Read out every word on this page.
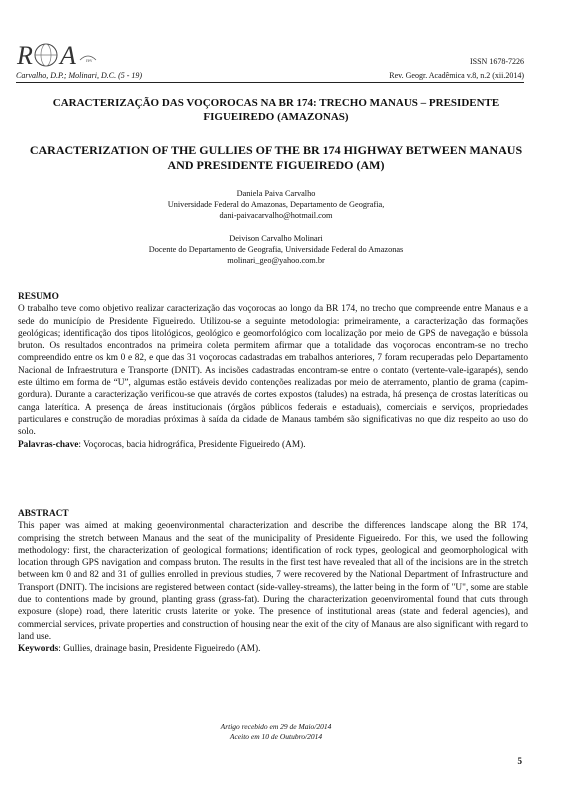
R A rev	ISSN 1678-7226
Carvalho, D.P.; Molinari, D.C. (5 - 19)	Rev. Geogr. Acadêmica v.8, n.2 (xii.2014)
CARACTERIZAÇÃO DAS VOÇOROCAS NA BR 174: TRECHO MANAUS – PRESIDENTE FIGUEIREDO (AMAZONAS)
CARACTERIZATION OF THE GULLIES OF THE BR 174 HIGHWAY BETWEEN MANAUS AND PRESIDENTE FIGUEIREDO (AM)
Daniela Paiva Carvalho
Universidade Federal do Amazonas, Departamento de Geografia,
dani-paivacarvalho@hotmail.com
Deivison Carvalho Molinari
Docente do Departamento de Geografia, Universidade Federal do Amazonas
molinari_geo@yahoo.com.br
RESUMO

O trabalho teve como objetivo realizar caracterização das voçorocas ao longo da BR 174, no trecho que compreende entre Manaus e a sede do município de Presidente Figueiredo. Utilizou-se a seguinte metodologia: primeiramente, a caracterização das formações geológicas; identificação dos tipos litológicos, geológico e geomorfológico com localização por meio de GPS de navegação e bússola bruton. Os resultados encontrados na primeira coleta permitem afirmar que a totalidade das voçorocas encontram-se no trecho compreendido entre os km 0 e 82, e que das 31 voçorocas cadastradas em trabalhos anteriores, 7 foram recuperadas pelo Departamento Nacional de Infraestrutura e Transporte (DNIT). As incisões cadastradas encontram-se entre o contato (vertente-vale-igarapés), sendo este último em forma de “U”, algumas estão estáveis devido contenções realizadas por meio de aterramento, plantio de grama (capim-gordura). Durante a caracterização verificou-se que através de cortes expostos (taludes) na estrada, há presença de crostas lateríticas ou canga laterítica. A presença de áreas institucionais (órgãos públicos federais e estaduais), comerciais e serviços, propriedades particulares e construção de moradias próximas à saída da cidade de Manaus também são significativas no que diz respeito ao uso do solo.

Palavras-chave: Voçorocas, bacia hidrográfica, Presidente Figueiredo (AM).

ABSTRACT

This paper was aimed at making geoenvironmental characterization and describe the differences landscape along the BR 174, comprising the stretch between Manaus and the seat of the municipality of Presidente Figueiredo. For this, we used the following methodology: first, the characterization of geological formations; identification of rock types, geological and geomorphological with location through GPS navigation and compass bruton. The results in the first test have revealed that all of the incisions are in the stretch between km 0 and 82 and 31 of gullies enrolled in previous studies, 7 were recovered by the National Department of Infrastructure and Transport (DNIT). The incisions are registered between contact (side-valley-streams), the latter being in the form of "U", some are stable due to contentions made by ground, planting grass (grass-fat). During the characterization geoenviromental found that cuts through exposure (slope) road, there lateritic crusts laterite or yoke. The presence of institutional areas (state and federal agencies), and commercial services, private properties and construction of housing near the exit of the city of Manaus are also significant with regard to land use.

Keywords: Gullies, drainage basin, Presidente Figueiredo (AM).

Artigo recebido em 29 de Maio/2014
Aceito em 10 de Outubro/2014
5
